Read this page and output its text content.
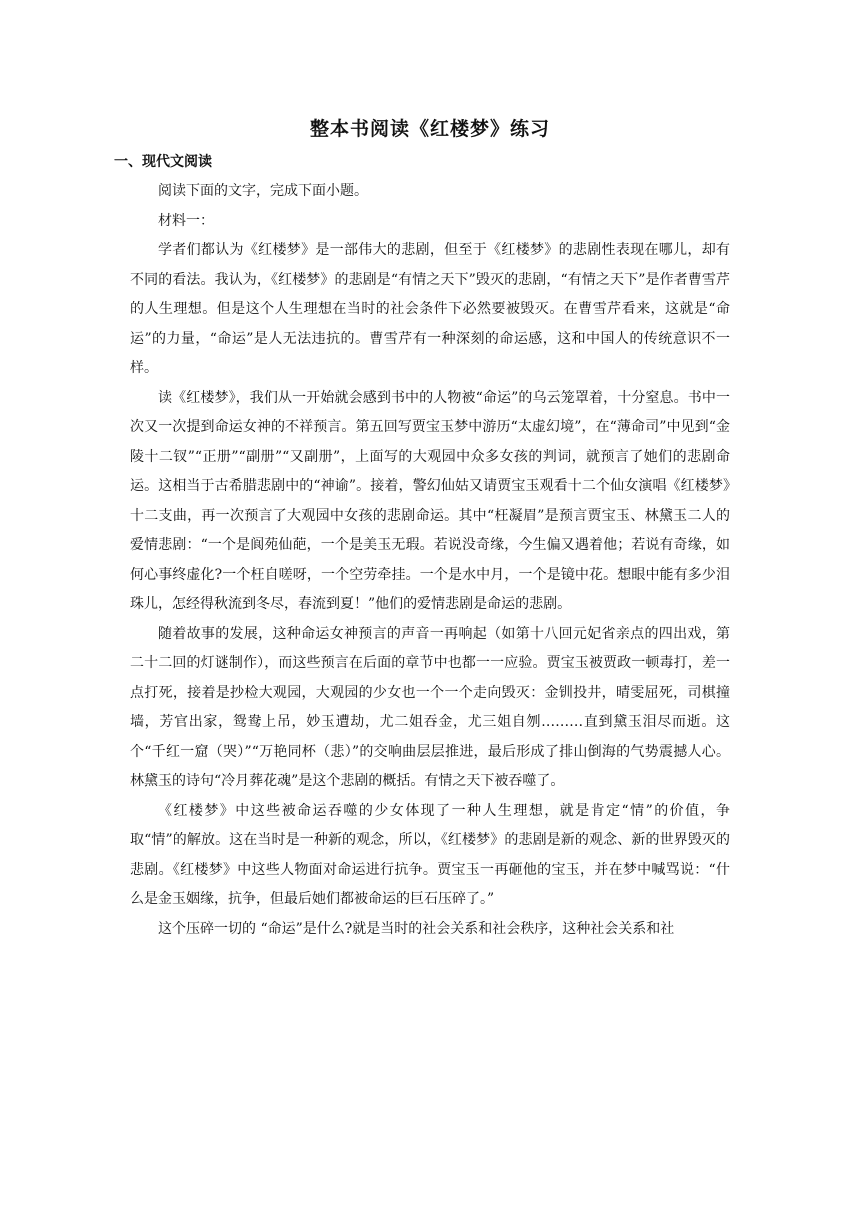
整本书阅读《红楼梦》练习
一、现代文阅读

阅读下面的文字，完成下面小题。

材料一：

学者们都认为《红楼梦》是一部伟大的悲剧，但至于《红楼梦》的悲剧性表现在哪儿，却有不同的看法。我认为，《红楼梦》的悲剧是“有情之天下”毁灭的悲剧，“有情之天下”是作者曹雪芹的人生理想。但是这个人生理想在当时的社会条件下必然要被毁灭。在曹雪芹看来，这就是“命运”的力量，“命运”是人无法违抗的。曹雪芹有一种深刻的命运感，这和中国人的传统意识不一样。

读《红楼梦》，我们从一开始就会感到书中的人物被“命运”的乌云笼罩着，十分窒息。书中一次又一次提到命运女神的不祥预言。第五回写贾宝玉梦中游历“太虚幻境”，在“薄命司”中见到“金陵十二钗”“正册”“副册”“又副册”，上面写的大观园中众多女孩的判词，就预言了她们的悲剧命运。这相当于古希腊悲剧中的“神谕”。接着，警幻仙姑又请贾宝玉观看十二个仙女演唱《红楼梦》十二支曲，再一次预言了大观园中女孩的悲剧命运。其中“枉凝眉”是预言贾宝玉、林黛玉二人的爱情悲剧：“一个是阆苑仙葩，一个是美玉无瑕。若说没奇缘，今生偏又遇着他；若说有奇缘，如何心事终虚化?一个枉自嗟呀，一个空劳牵挂。一个是水中月，一个是镜中花。想眼中能有多少泪珠儿，怎经得秋流到冬尽，春流到夏！”他们的爱情悲剧是命运的悲剧。

随着故事的发展，这种命运女神预言的声音一再响起（如第十八回元妃省亲点的四出戏，第二十二回的灯谜制作），而这些预言在后面的章节中也都一一应验。贾宝玉被贾政一顿毒打，差一点打死，接着是抄检大观园，大观园的少女也一个一个走向毁灭：金钏投井，晴雯屈死，司棋撞墙，芳官出家，鸳鸯上吊，妙玉遭劫，尤二姐吞金，尤三姐自刎………直到黛玉泪尽而逝。这个“千红一窟（哭）”“万艳同杯（悲）”的交响曲层层推进，最后形成了排山倒海的气势震撼人心。林黛玉的诗句“冷月葬花魂”是这个悲剧的概括。有情之天下被吞噬了。

《红楼梦》中这些被命运吞噬的少女体现了一种人生理想，就是肯定“情”的价值，争取“情”的解放。这在当时是一种新的观念，所以，《红楼梦》的悲剧是新的观念、新的世界毁灭的悲剧。《红楼梦》中这些人物面对命运进行抗争。贾宝玉一再砸他的宝玉，并在梦中喊骂说：“什么是金玉姻缘，抗争，但最后她们都被命运的巨石压碎了。”

这个压碎一切的 “命运”是什么?就是当时的社会关系和社会秩序，这种社会关系和社
